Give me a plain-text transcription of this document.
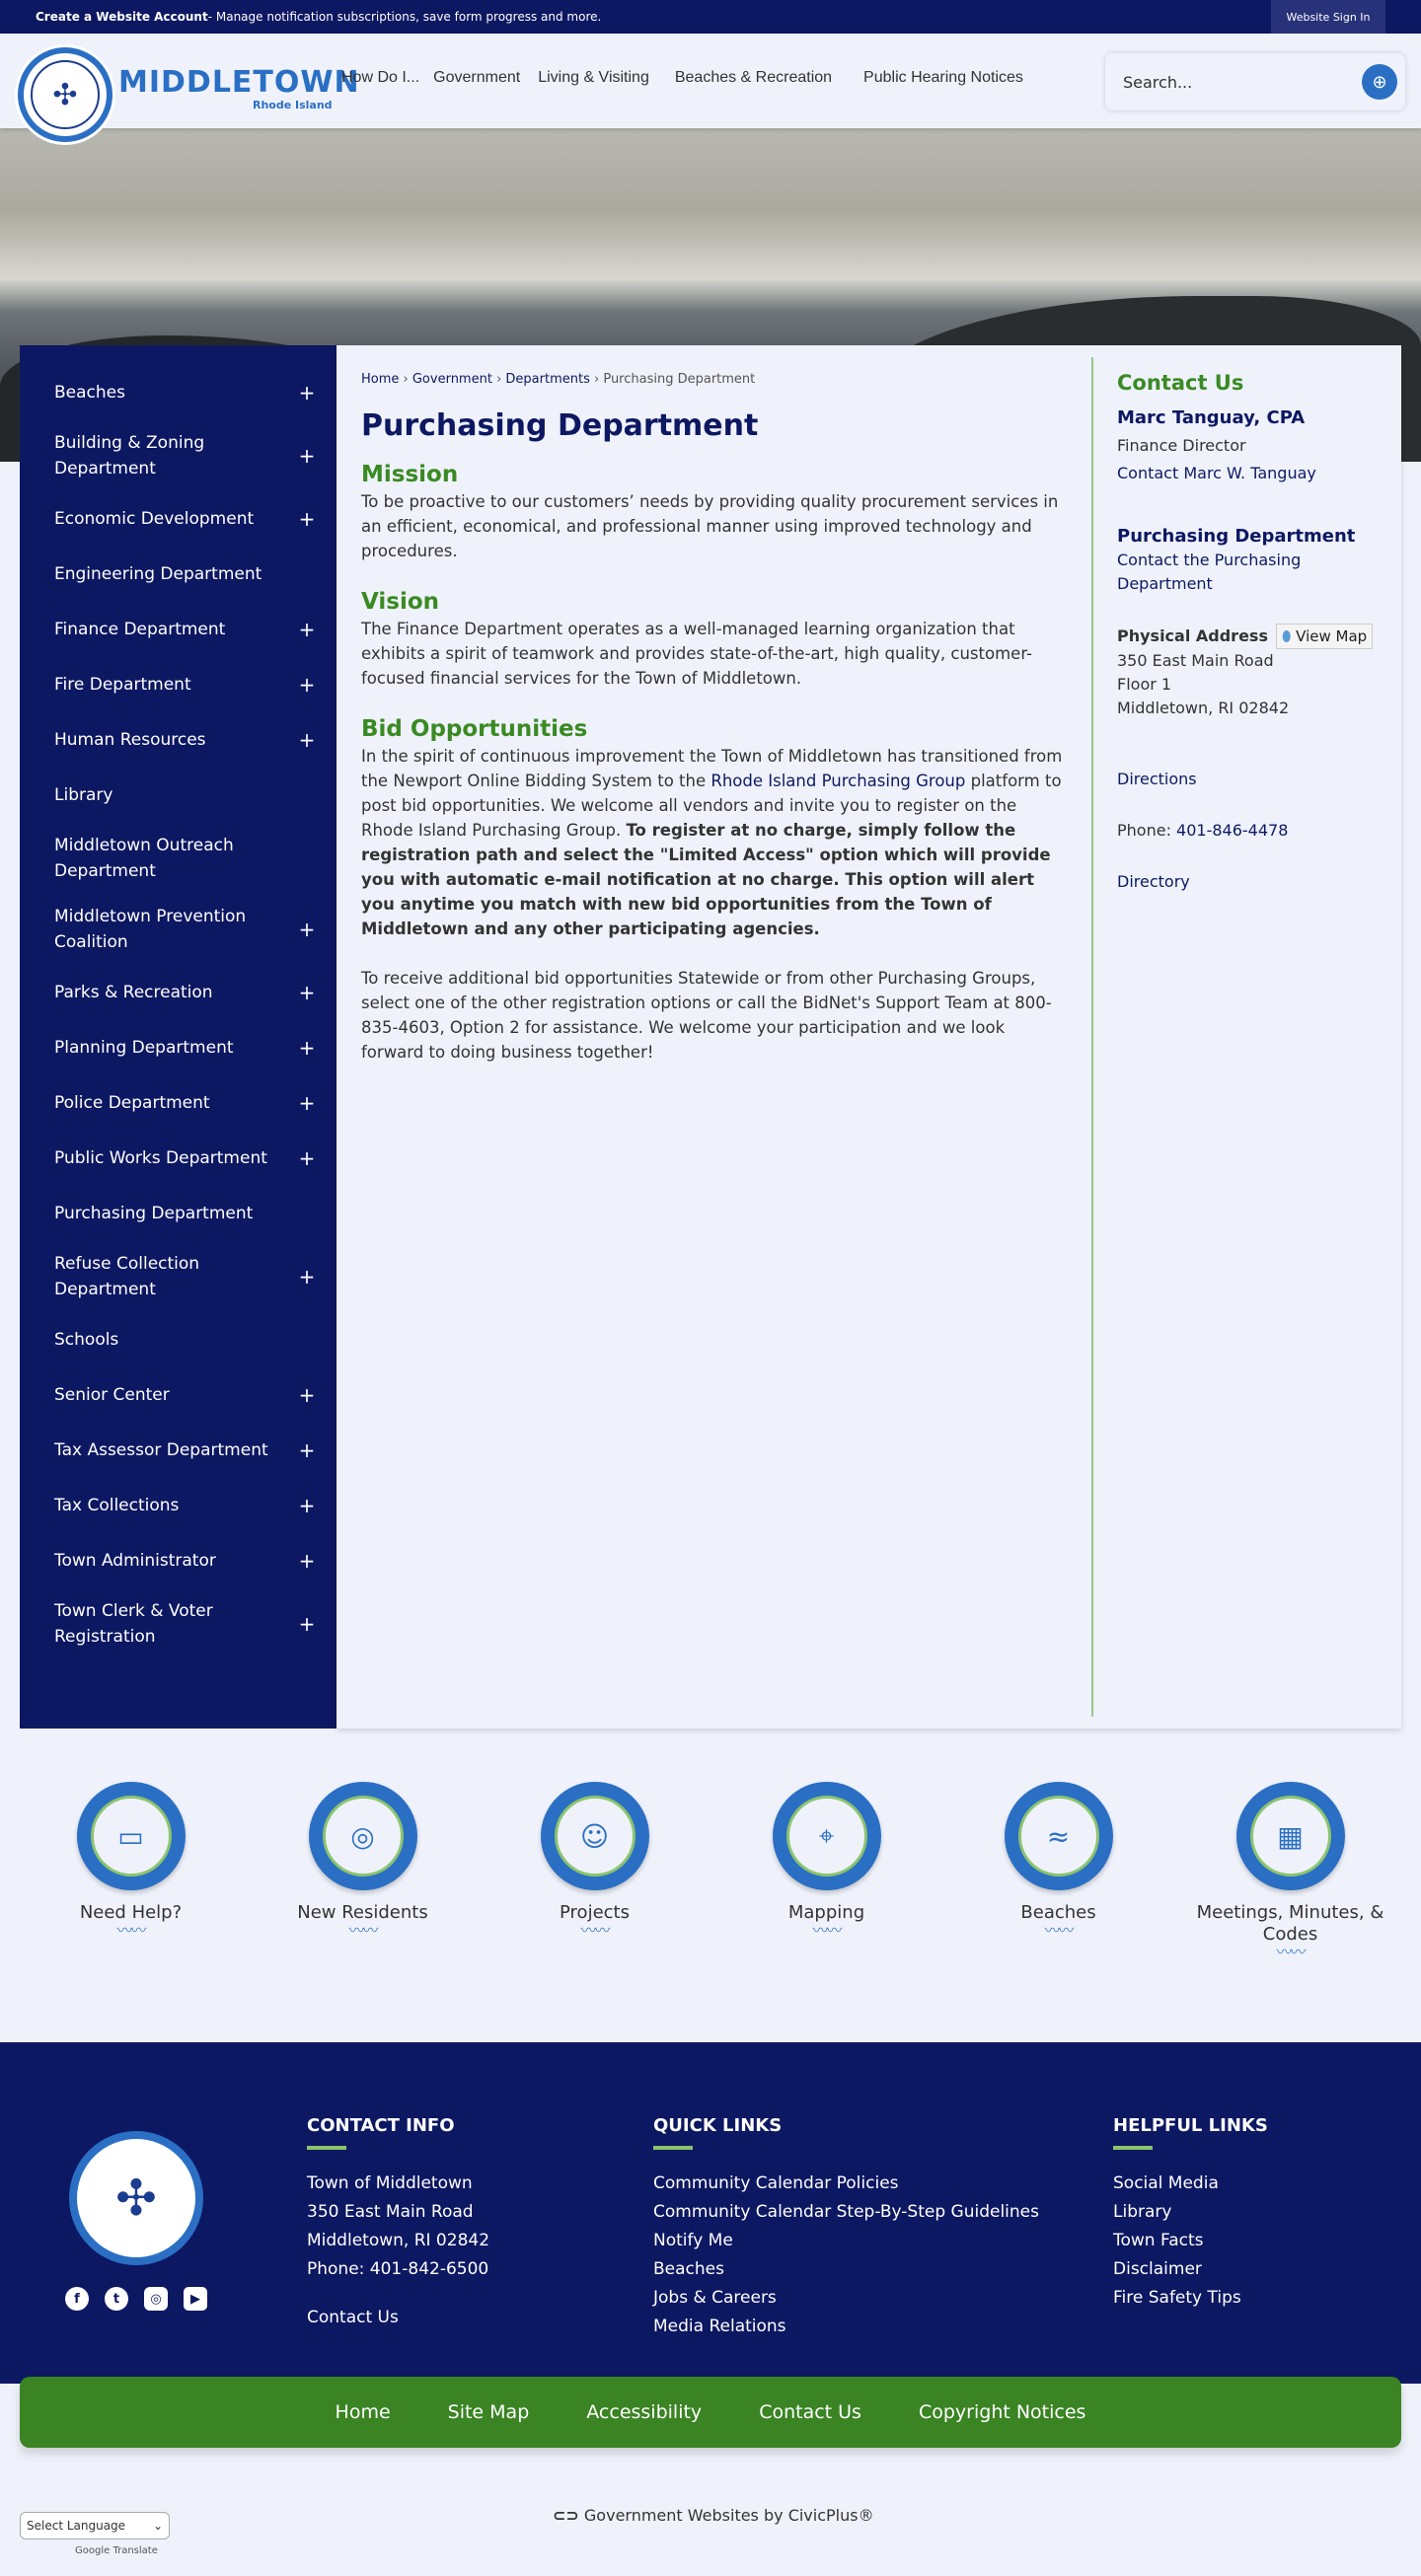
Create a Website Account - Manage notification subscriptions, save form progress and more.	Website Sign In
✣	MIDDLETOWN
Rhode Island
How Do I... Government Living & Visiting Beaches & Recreation Public Hearing Notices	Search...	⊕
Beaches	+
Building & Zoning Department
+
Economic Development +
Engineering Department
Finance Department	+
Fire Department	+
Human Resources	+
Library
Middletown Outreach Department
Middletown Prevention Coalition
+
Parks & Recreation	+
Planning Department	+
Police Department	+
Public Works Department +
Purchasing Department
Refuse Collection Department
+
Schools
Senior Center	+
Tax Assessor Department +
Tax Collections	+
Town Administrator	+
Town Clerk & Voter Registration
+
Home › Government › Departments › Purchasing Department
Purchasing Department
Mission

To be proactive to our customers’ needs by providing quality procurement services in an efficient, economical, and professional manner using improved technology and procedures.

Vision

The Finance Department operates as a well-managed learning organization that exhibits a spirit of teamwork and provides state-of-the-art, high quality, customer-focused financial services for the Town of Middletown.

Bid Opportunities

In the spirit of continuous improvement the Town of Middletown has transitioned from the Newport Online Bidding System to the Rhode Island Purchasing Group platform to post bid opportunities. We welcome all vendors and invite you to register on the Rhode Island Purchasing Group. To register at no charge, simply follow the registration path and select the "Limited Access" option which will provide you with automatic e-mail notification at no charge. This option will alert you anytime you match with new bid opportunities from the Town of Middletown and any other participating agencies.

To receive additional bid opportunities Statewide or from other Purchasing Groups, select one of the other registration options or call the BidNet's Support Team at 800-835-4603, Option 2 for assistance. We welcome your participation and we look forward to doing business together!

Contact Us
Marc Tanguay, CPA
Finance Director
Contact Marc W. Tanguay
Purchasing Department
Contact the Purchasing Department
Physical Address ⬮ View Map
350 East Main Road
Floor 1
Middletown, RI 02842
Directions
Phone: 401-846-4478
Directory
▭
Need Help?
〰〰
◎
New Residents
〰〰
☺
Projects
〰〰
⌖
Mapping
〰〰
≈
Beaches
〰〰
▦
Meetings, Minutes, & Codes
〰〰
✣
f	t	◎	▶
CONTACT INFO
Town of Middletown
350 East Main Road
Middletown, RI 02842
Phone: 401-842-6500
Contact Us
QUICK LINKS
Community Calendar Policies
Community Calendar Step-By-Step Guidelines
Notify Me
Beaches
Jobs & Careers
Media Relations
HELPFUL LINKS
Social Media
Library
Town Facts
Disclaimer
Fire Safety Tips
Home	Site Map	Accessibility	Contact Us	Copyright Notices
⊂⊃ Government Websites by CivicPlus®
Select Language ⌄
Google Translate
